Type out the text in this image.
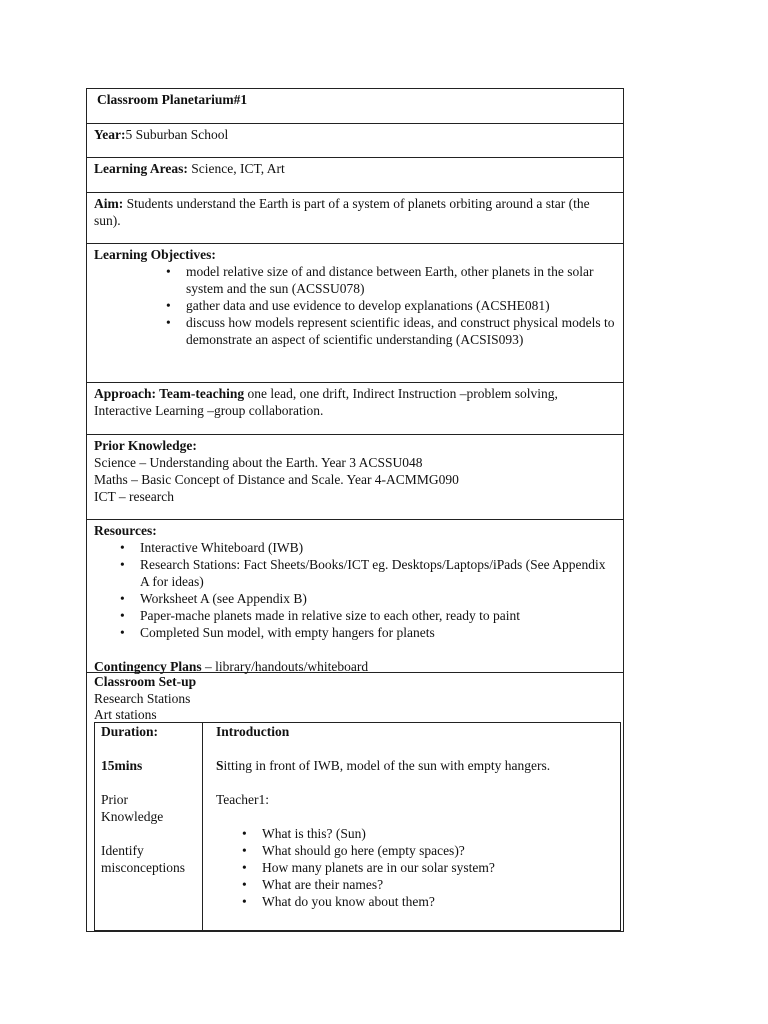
Classroom Planetarium#1
Year:5 Suburban School
Learning Areas: Science, ICT, Art
Aim: Students understand the Earth is part of a system of planets orbiting around a star (the sun).
Learning Objectives:
• model relative size of and distance between Earth, other planets in the solar system and the sun (ACSSU078)
• gather data and use evidence to develop explanations (ACSHE081)
• discuss how models represent scientific ideas, and construct physical models to demonstrate an aspect of scientific understanding (ACSIS093)
Approach: Team-teaching one lead, one drift, Indirect Instruction –problem solving, Interactive Learning –group collaboration.
Prior Knowledge:
Science – Understanding about the Earth. Year 3 ACSSU048
Maths – Basic Concept of Distance and Scale. Year 4-ACMMG090
ICT – research
Resources:
• Interactive Whiteboard (IWB)
• Research Stations: Fact Sheets/Books/ICT eg. Desktops/Laptops/iPads (See Appendix A for ideas)
• Worksheet A (see Appendix B)
• Paper-mache planets made in relative size to each other, ready to paint
• Completed Sun model, with empty hangers for planets
Contingency Plans – library/handouts/whiteboard
Classroom Set-up
Research Stations
Art stations
Duration:
15mins
Prior Knowledge
Identify misconceptions
Introduction
Sitting in front of IWB, model of the sun with empty hangers.
Teacher1:
• What is this? (Sun)
• What should go here (empty spaces)?
• How many planets are in our solar system?
• What are their names?
• What do you know about them?
